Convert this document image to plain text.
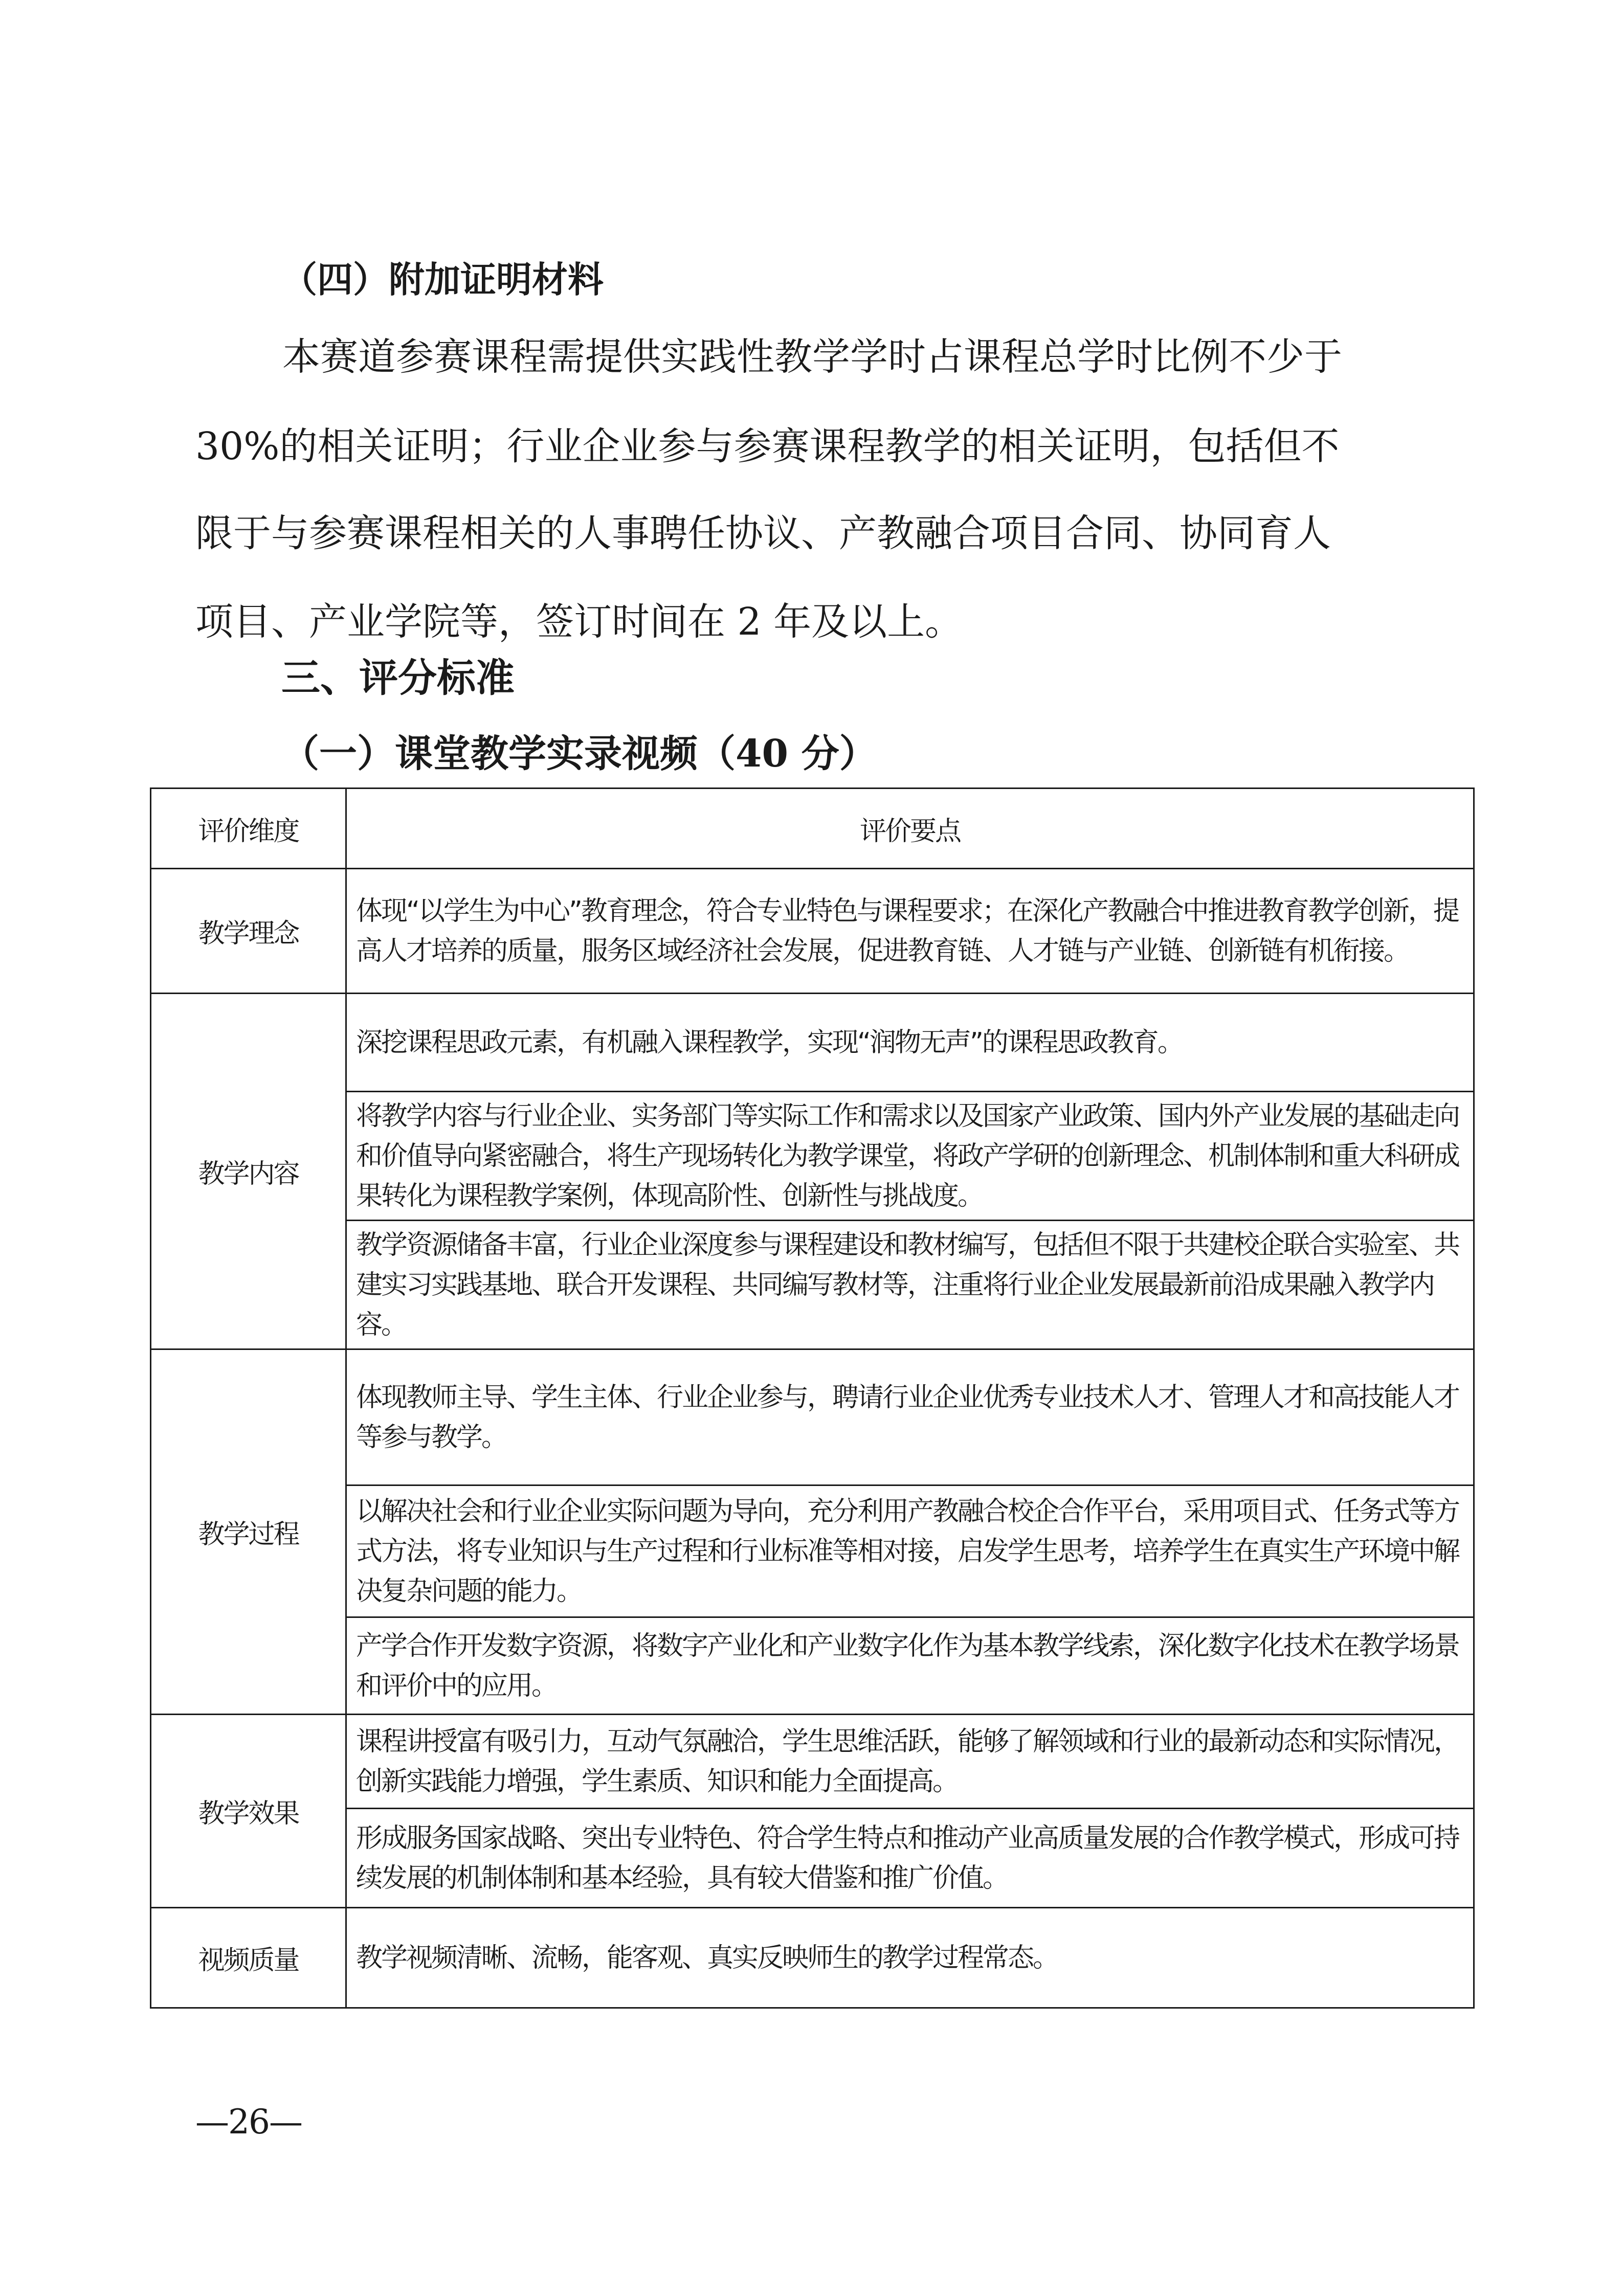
（四）附加证明材料
本赛道参赛课程需提供实践性教学学时占课程总学时比例不少于
30%的相关证明；行业企业参与参赛课程教学的相关证明，包括但不
限于与参赛课程相关的人事聘任协议、产教融合项目合同、协同育人
项目、产业学院等，签订时间在 2 年及以上。
三、评分标准
（一）课堂教学实录视频（40 分）
评价维度	评价要点
教学理念	体现“以学生为中心”教育理念，符合专业特色与课程要求；在深化产教融合中推进教育教学创新，提高人才培养的质量，服务区域经济社会发展，促进教育链、人才链与产业链、创新链有机衔接。
教学内容	深挖课程思政元素，有机融入课程教学，实现“润物无声”的课程思政教育。
	将教学内容与行业企业、实务部门等实际工作和需求以及国家产业政策、国内外产业发展的基础走向和价值导向紧密融合，将生产现场转化为教学课堂，将政产学研的创新理念、机制体制和重大科研成果转化为课程教学案例，体现高阶性、创新性与挑战度。
	教学资源储备丰富，行业企业深度参与课程建设和教材编写，包括但不限于共建校企联合实验室、共建实习实践基地、联合开发课程、共同编写教材等，注重将行业企业发展最新前沿成果融入教学内容。
教学过程	体现教师主导、学生主体、行业企业参与，聘请行业企业优秀专业技术人才、管理人才和高技能人才等参与教学。
	以解决社会和行业企业实际问题为导向，充分利用产教融合校企合作平台，采用项目式、任务式等方式方法，将专业知识与生产过程和行业标准等相对接，启发学生思考，培养学生在真实生产环境中解决复杂问题的能力。
	产学合作开发数字资源，将数字产业化和产业数字化作为基本教学线索，深化数字化技术在教学场景和评价中的应用。
教学效果	课程讲授富有吸引力，互动气氛融洽，学生思维活跃，能够了解领域和行业的最新动态和实际情况，创新实践能力增强，学生素质、知识和能力全面提高。
	形成服务国家战略、突出专业特色、符合学生特点和推动产业高质量发展的合作教学模式，形成可持续发展的机制体制和基本经验，具有较大借鉴和推广价值。
视频质量	教学视频清晰、流畅，能客观、真实反映师生的教学过程常态。
—26—
